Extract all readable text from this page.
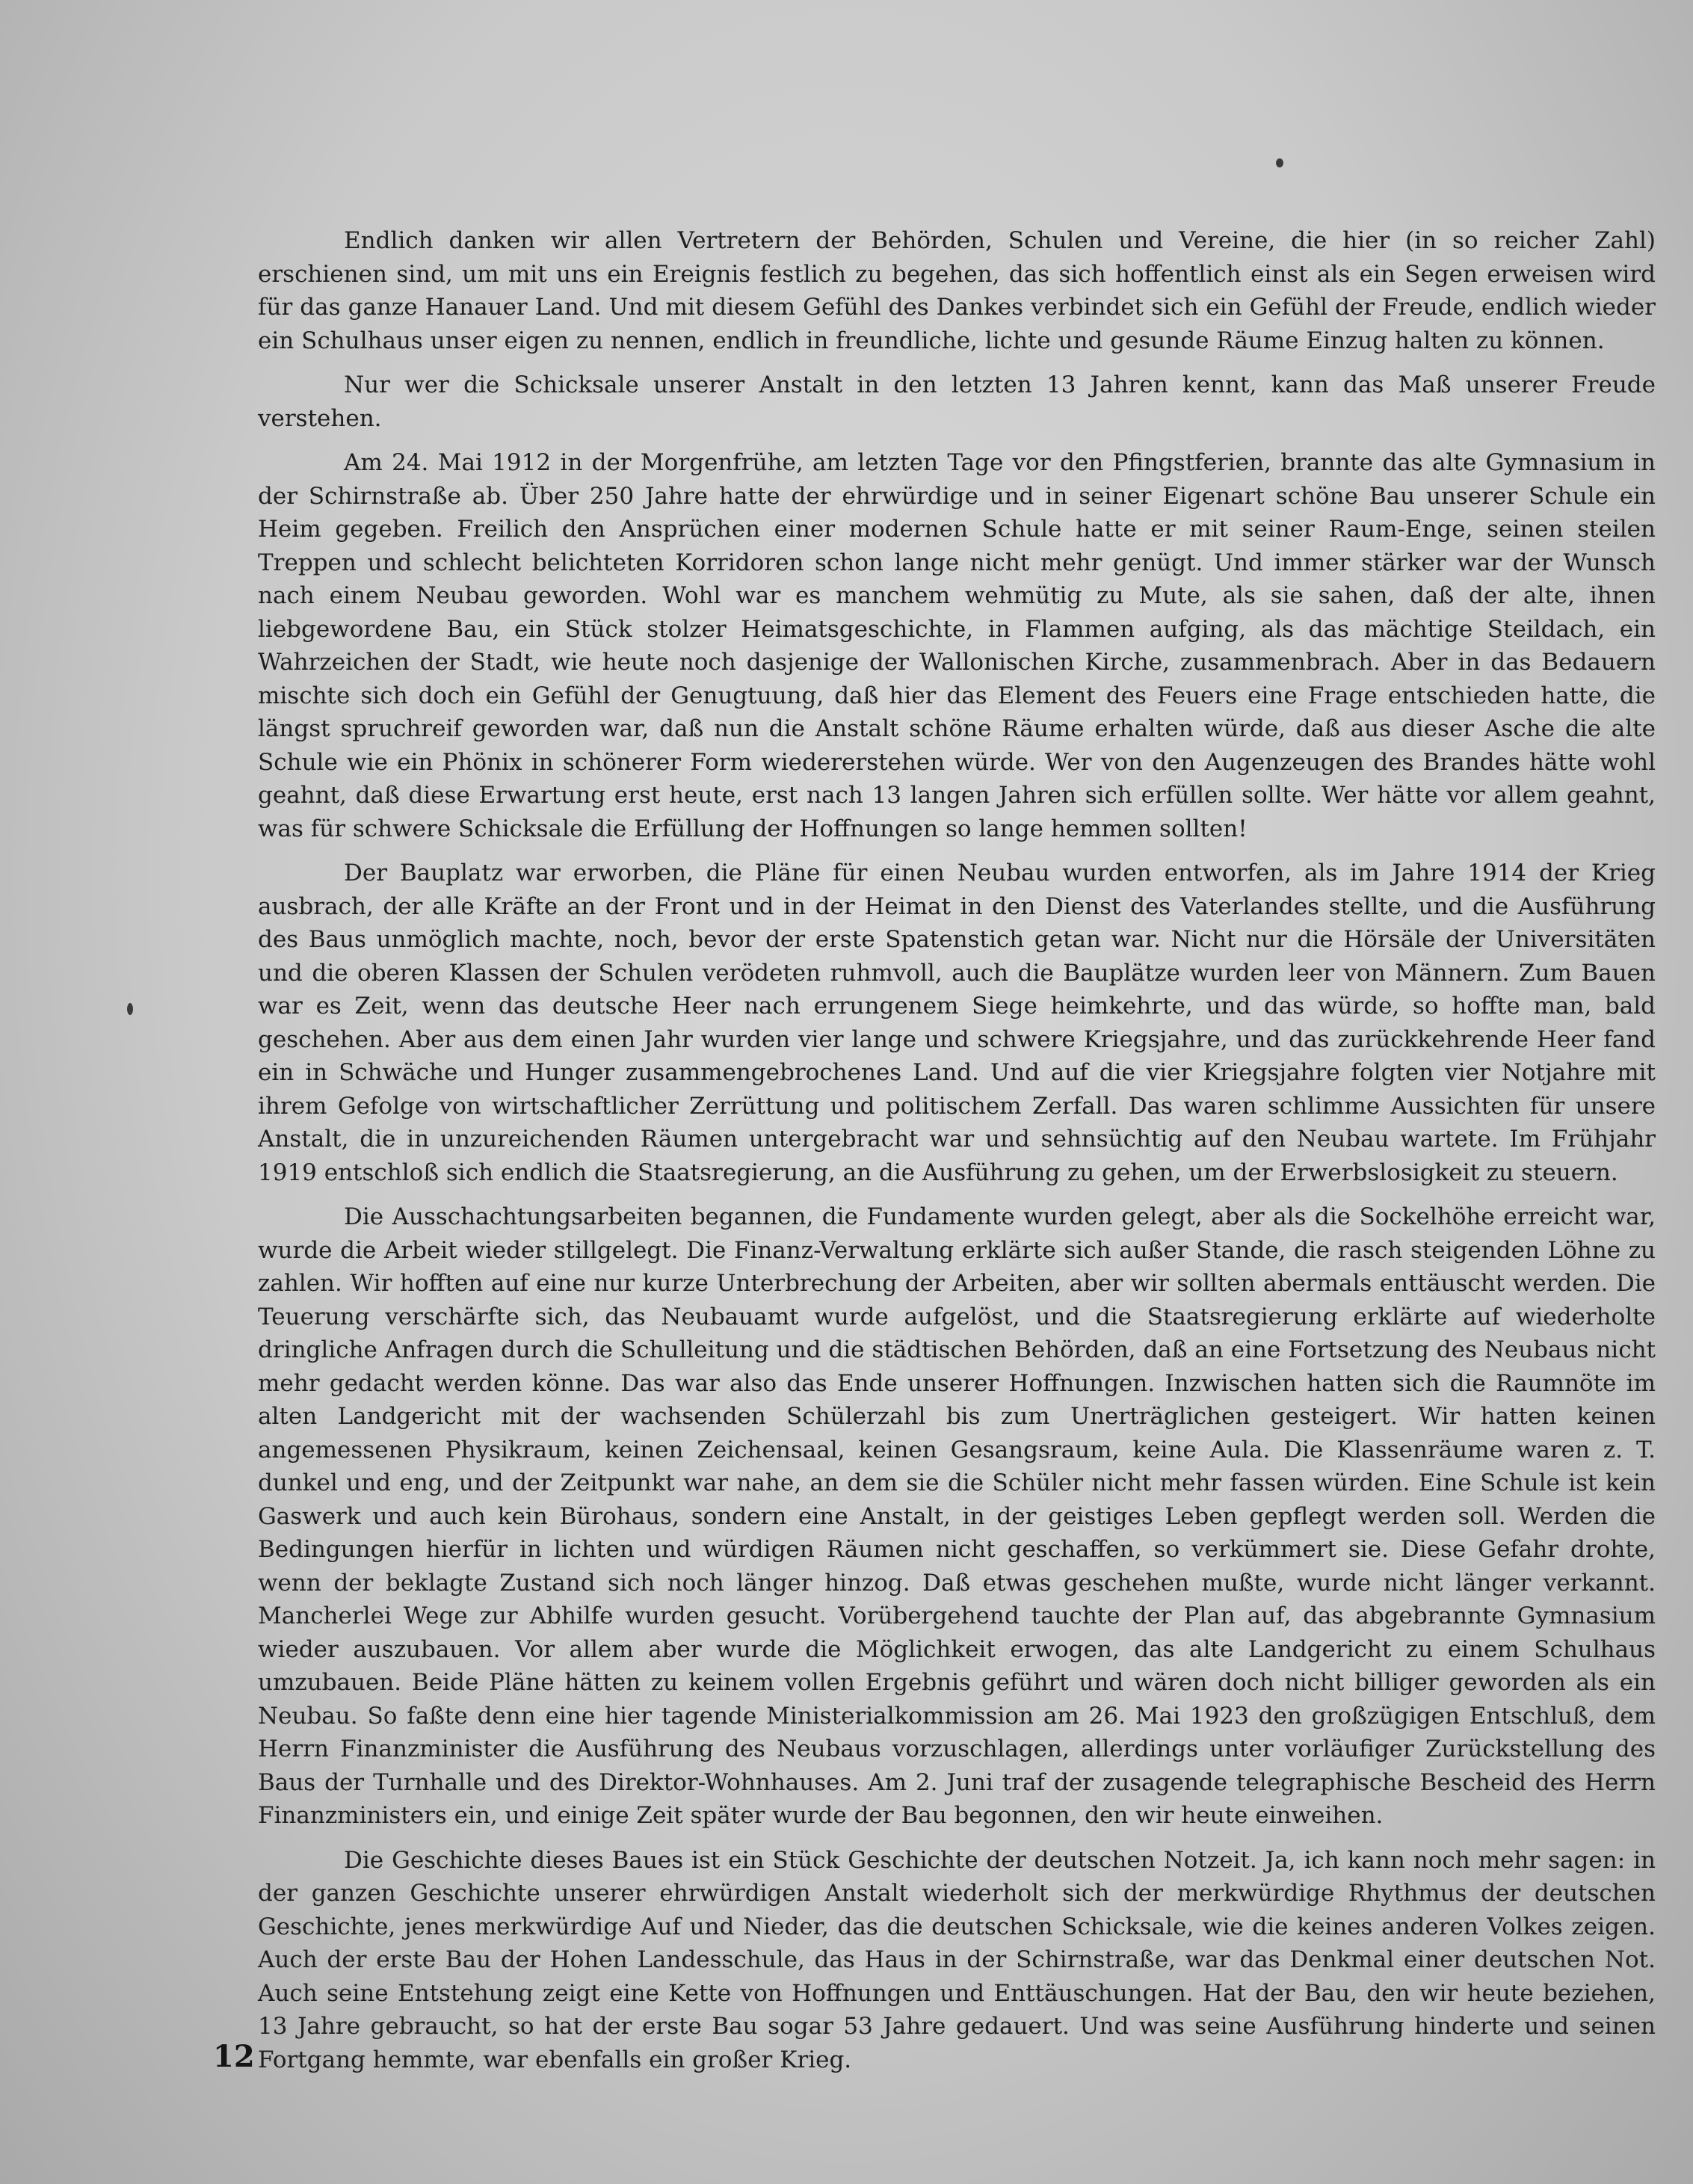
Endlich danken wir allen Vertretern der Behörden, Schulen und Vereine, die hier (in so reicher Zahl) erschienen sind, um mit uns ein Ereignis festlich zu begehen, das sich hoffentlich einst als ein Segen erweisen wird für das ganze Hanauer Land. Und mit diesem Gefühl des Dankes verbindet sich ein Gefühl der Freude, endlich wieder ein Schulhaus unser eigen zu nennen, endlich in freundliche, lichte und gesunde Räume Einzug halten zu können.

Nur wer die Schicksale unserer Anstalt in den letzten 13 Jahren kennt, kann das Maß unserer Freude verstehen.

Am 24. Mai 1912 in der Morgenfrühe, am letzten Tage vor den Pfingstferien, brannte das alte Gymnasium in der Schirnstraße ab. Über 250 Jahre hatte der ehrwürdige und in seiner Eigenart schöne Bau unserer Schule ein Heim gegeben. Freilich den Ansprüchen einer modernen Schule hatte er mit seiner Raum-Enge, seinen steilen Treppen und schlecht belichteten Korridoren schon lange nicht mehr genügt. Und immer stärker war der Wunsch nach einem Neubau geworden. Wohl war es manchem wehmütig zu Mute, als sie sahen, daß der alte, ihnen liebgewordene Bau, ein Stück stolzer Heimatsgeschichte, in Flammen aufging, als das mächtige Steildach, ein Wahrzeichen der Stadt, wie heute noch dasjenige der Wallonischen Kirche, zusammenbrach. Aber in das Bedauern mischte sich doch ein Gefühl der Genugtuung, daß hier das Element des Feuers eine Frage entschieden hatte, die längst spruchreif geworden war, daß nun die Anstalt schöne Räume erhalten würde, daß aus dieser Asche die alte Schule wie ein Phönix in schönerer Form wiedererstehen würde. Wer von den Augenzeugen des Brandes hätte wohl geahnt, daß diese Erwartung erst heute, erst nach 13 langen Jahren sich erfüllen sollte. Wer hätte vor allem geahnt, was für schwere Schicksale die Erfüllung der Hoffnungen so lange hemmen sollten!

Der Bauplatz war erworben, die Pläne für einen Neubau wurden entworfen, als im Jahre 1914 der Krieg ausbrach, der alle Kräfte an der Front und in der Heimat in den Dienst des Vaterlandes stellte, und die Ausführung des Baus unmöglich machte, noch, bevor der erste Spatenstich getan war. Nicht nur die Hörsäle der Universitäten und die oberen Klassen der Schulen verödeten ruhmvoll, auch die Bauplätze wurden leer von Männern. Zum Bauen war es Zeit, wenn das deutsche Heer nach errungenem Siege heimkehrte, und das würde, so hoffte man, bald geschehen. Aber aus dem einen Jahr wurden vier lange und schwere Kriegsjahre, und das zurückkehrende Heer fand ein in Schwäche und Hunger zusammengebrochenes Land. Und auf die vier Kriegsjahre folgten vier Notjahre mit ihrem Gefolge von wirtschaftlicher Zerrüttung und politischem Zerfall. Das waren schlimme Aussichten für unsere Anstalt, die in unzureichenden Räumen untergebracht war und sehnsüchtig auf den Neubau wartete. Im Frühjahr 1919 entschloß sich endlich die Staatsregierung, an die Ausführung zu gehen, um der Erwerbslosigkeit zu steuern.

Die Ausschachtungsarbeiten begannen, die Fundamente wurden gelegt, aber als die Sockelhöhe erreicht war, wurde die Arbeit wieder stillgelegt. Die Finanz-Verwaltung erklärte sich außer Stande, die rasch steigenden Löhne zu zahlen. Wir hofften auf eine nur kurze Unterbrechung der Arbeiten, aber wir sollten abermals enttäuscht werden. Die Teuerung verschärfte sich, das Neubauamt wurde aufgelöst, und die Staatsregierung erklärte auf wiederholte dringliche Anfragen durch die Schulleitung und die städtischen Behörden, daß an eine Fortsetzung des Neubaus nicht mehr gedacht werden könne. Das war also das Ende unserer Hoffnungen. Inzwischen hatten sich die Raumnöte im alten Landgericht mit der wachsenden Schülerzahl bis zum Unerträglichen gesteigert. Wir hatten keinen angemessenen Physikraum, keinen Zeichensaal, keinen Gesangsraum, keine Aula. Die Klassenräume waren z. T. dunkel und eng, und der Zeitpunkt war nahe, an dem sie die Schüler nicht mehr fassen würden. Eine Schule ist kein Gaswerk und auch kein Bürohaus, sondern eine Anstalt, in der geistiges Leben gepflegt werden soll. Werden die Bedingungen hierfür in lichten und würdigen Räumen nicht geschaffen, so verkümmert sie. Diese Gefahr drohte, wenn der beklagte Zustand sich noch länger hinzog. Daß etwas geschehen mußte, wurde nicht länger verkannt. Mancherlei Wege zur Abhilfe wurden gesucht. Vorübergehend tauchte der Plan auf, das abgebrannte Gymnasium wieder auszubauen. Vor allem aber wurde die Möglichkeit erwogen, das alte Landgericht zu einem Schulhaus umzubauen. Beide Pläne hätten zu keinem vollen Ergebnis geführt und wären doch nicht billiger geworden als ein Neubau. So faßte denn eine hier tagende Ministerialkommission am 26. Mai 1923 den großzügigen Entschluß, dem Herrn Finanzminister die Ausführung des Neubaus vorzuschlagen, allerdings unter vorläufiger Zurückstellung des Baus der Turnhalle und des Direktor-Wohnhauses. Am 2. Juni traf der zusagende telegraphische Bescheid des Herrn Finanzministers ein, und einige Zeit später wurde der Bau begonnen, den wir heute einweihen.

Die Geschichte dieses Baues ist ein Stück Geschichte der deutschen Notzeit. Ja, ich kann noch mehr sagen: in der ganzen Geschichte unserer ehrwürdigen Anstalt wiederholt sich der merkwürdige Rhythmus der deutschen Geschichte, jenes merkwürdige Auf und Nieder, das die deutschen Schicksale, wie die keines anderen Volkes zeigen. Auch der erste Bau der Hohen Landesschule, das Haus in der Schirnstraße, war das Denkmal einer deutschen Not. Auch seine Entstehung zeigt eine Kette von Hoffnungen und Enttäuschungen. Hat der Bau, den wir heute beziehen, 13 Jahre gebraucht, so hat der erste Bau sogar 53 Jahre gedauert. Und was seine Ausführung hinderte und seinen Fortgang hemmte, war ebenfalls ein großer Krieg.

12
